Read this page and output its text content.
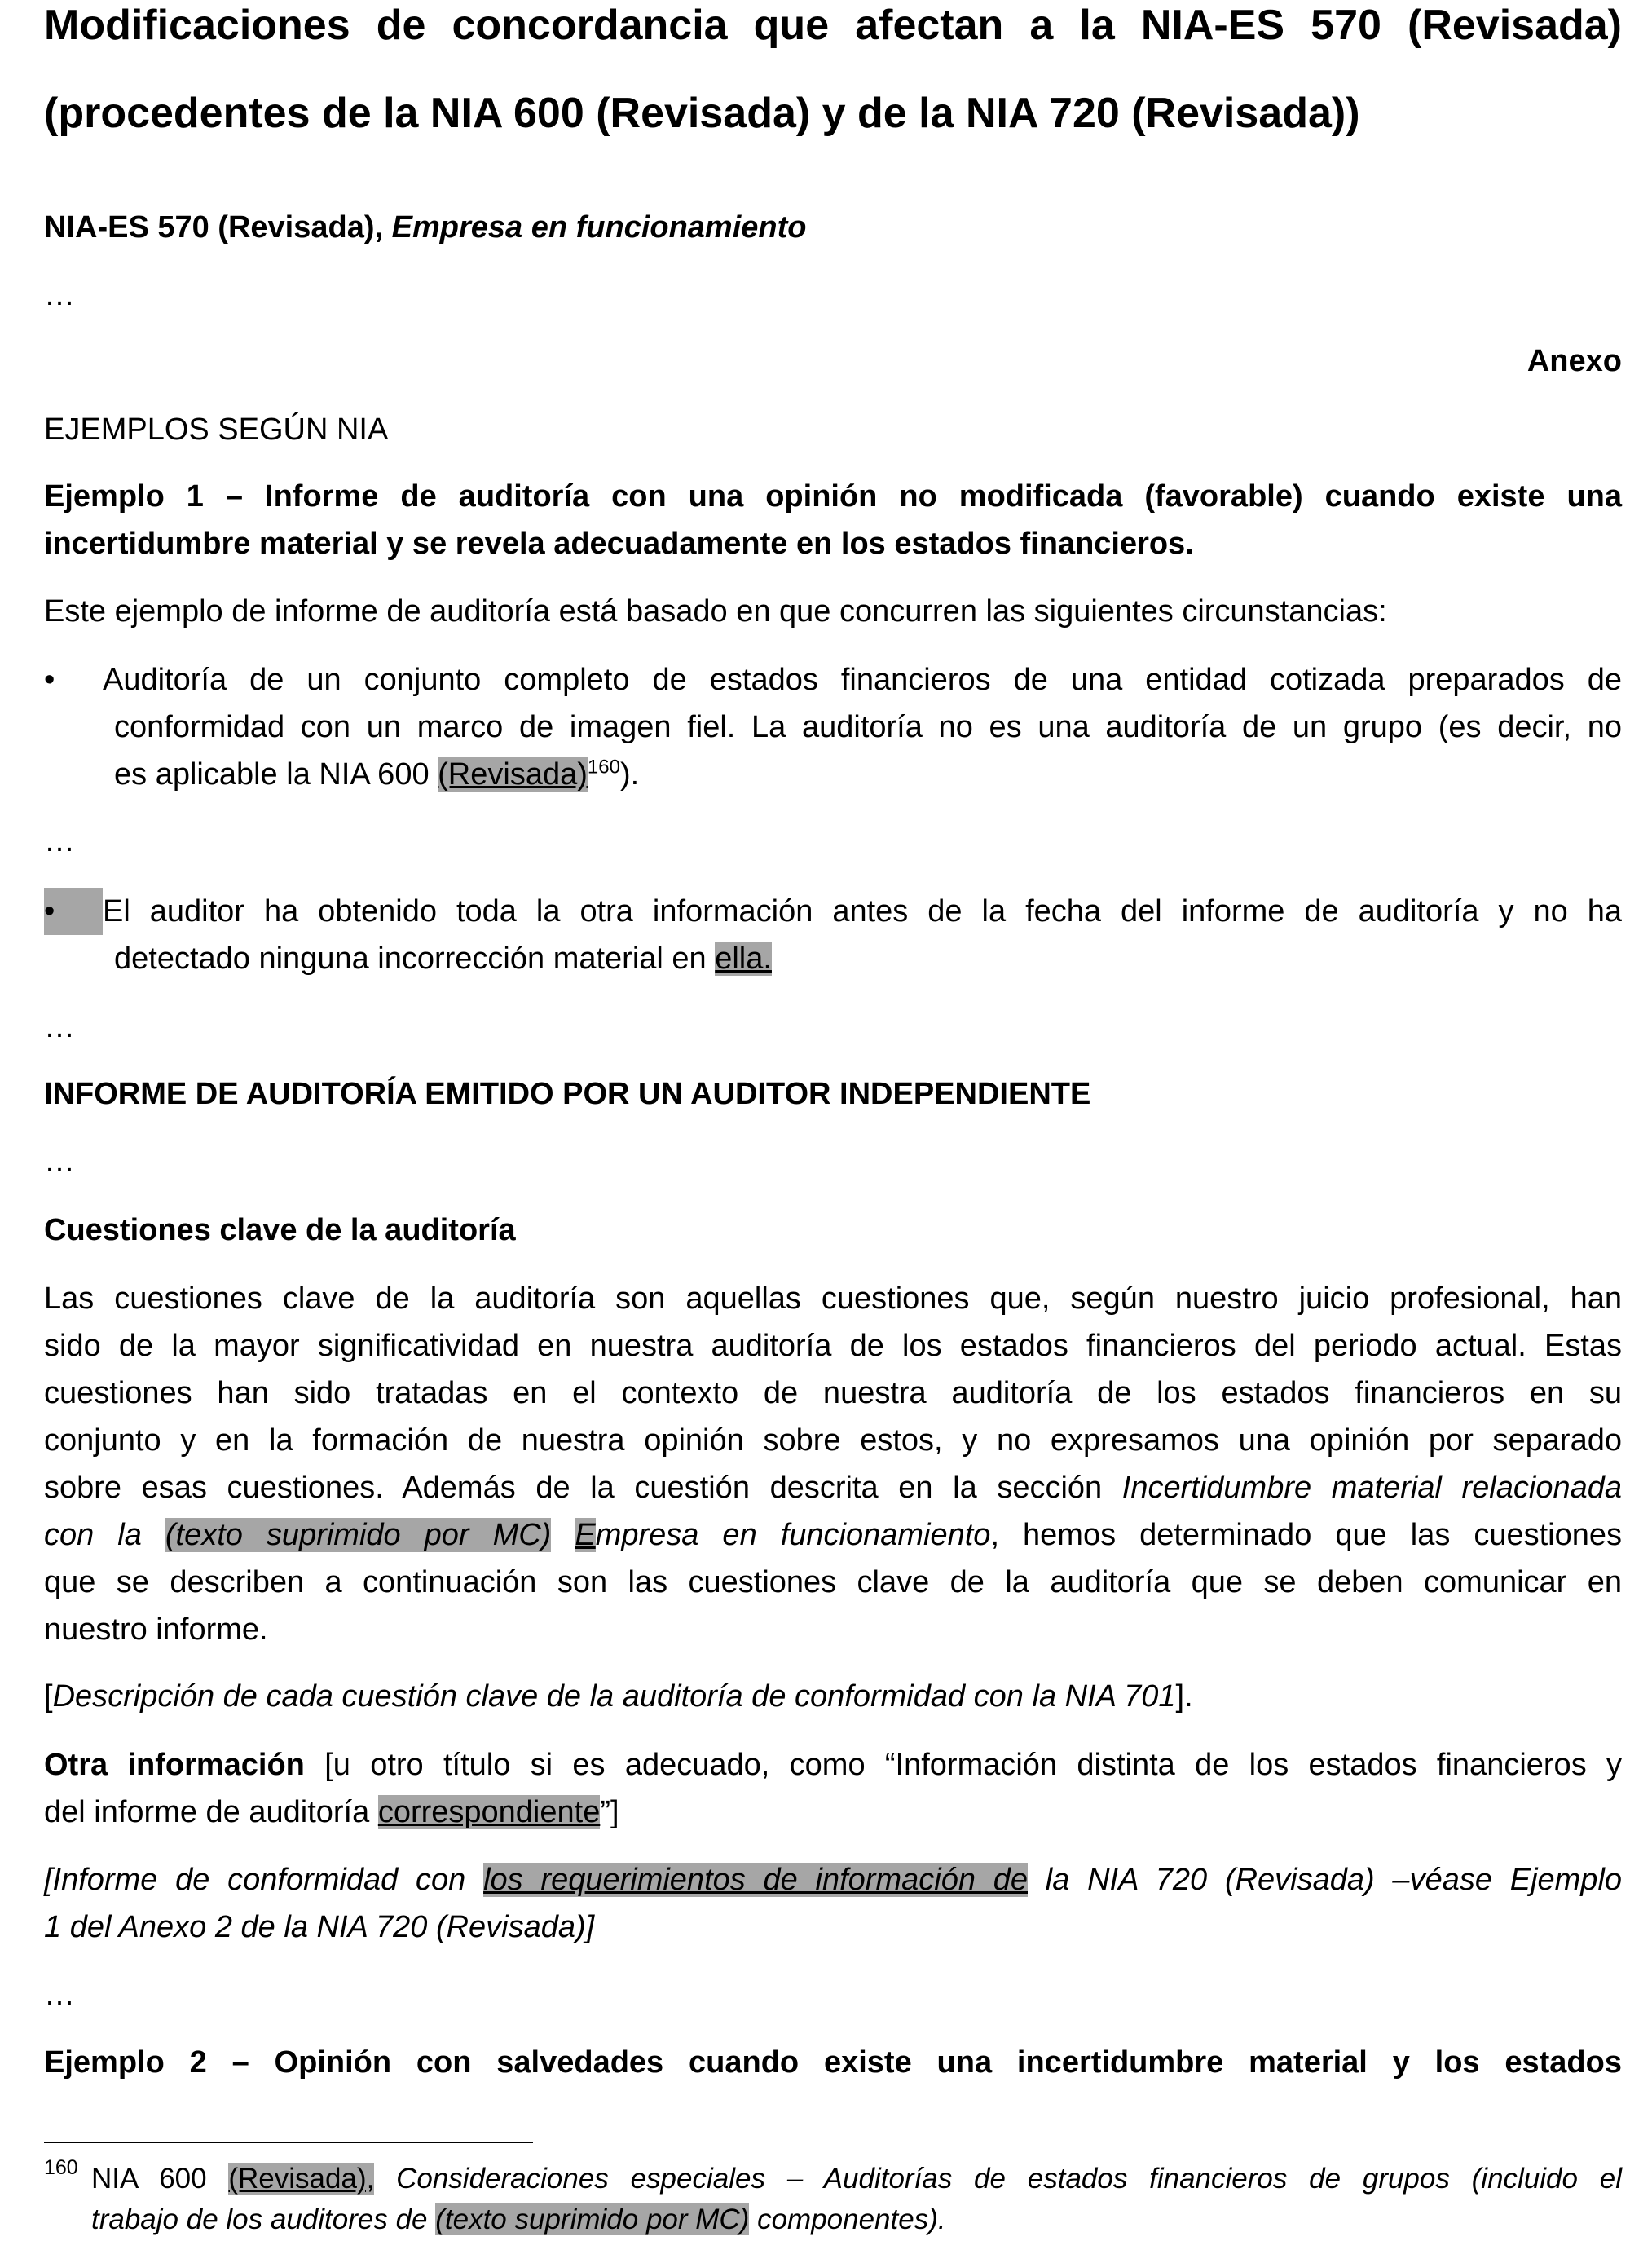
Modificaciones de concordancia que afectan a la NIA-ES 570 (Revisada)
(procedentes de la NIA 600 (Revisada) y de la NIA 720 (Revisada))
NIA-ES 570 (Revisada), Empresa en funcionamiento
…
Anexo
EJEMPLOS SEGÚN NIA
Ejemplo 1 – Informe de auditoría con una opinión no modificada (favorable) cuando existe una
incertidumbre material y se revela adecuadamente en los estados financieros.
Este ejemplo de informe de auditoría está basado en que concurren las siguientes circunstancias:
•	Auditoría de un conjunto completo de estados financieros de una entidad cotizada preparados de
conformidad con un marco de imagen fiel. La auditoría no es una auditoría de un grupo (es decir, no
es aplicable la NIA 600 (Revisada)$^{160}$).
…
•	El auditor ha obtenido toda la otra información antes de la fecha del informe de auditoría y no ha
detectado ninguna incorrección material en ella.
…
INFORME DE AUDITORÍA EMITIDO POR UN AUDITOR INDEPENDIENTE
…
Cuestiones clave de la auditoría
Las cuestiones clave de la auditoría son aquellas cuestiones que, según nuestro juicio profesional, han
sido de la mayor significatividad en nuestra auditoría de los estados financieros del periodo actual. Estas
cuestiones han sido tratadas en el contexto de nuestra auditoría de los estados financieros en su
conjunto y en la formación de nuestra opinión sobre estos, y no expresamos una opinión por separado
sobre esas cuestiones. Además de la cuestión descrita en la sección Incertidumbre material relacionada
con la (texto suprimido por MC) Empresa en funcionamiento, hemos determinado que las cuestiones
que se describen a continuación son las cuestiones clave de la auditoría que se deben comunicar en
nuestro informe.
[Descripción de cada cuestión clave de la auditoría de conformidad con la NIA 701].
Otra información [u otro título si es adecuado, como “Información distinta de los estados financieros y
del informe de auditoría correspondiente”]
[Informe de conformidad con los requerimientos de información de la NIA 720 (Revisada) –véase Ejemplo
1 del Anexo 2 de la NIA 720 (Revisada)]
…
Ejemplo 2 – Opinión con salvedades cuando existe una incertidumbre material y los estados
160 NIA 600 (Revisada), Consideraciones especiales – Auditorías de estados financieros de grupos (incluido el
trabajo de los auditores de (texto suprimido por MC) componentes).
